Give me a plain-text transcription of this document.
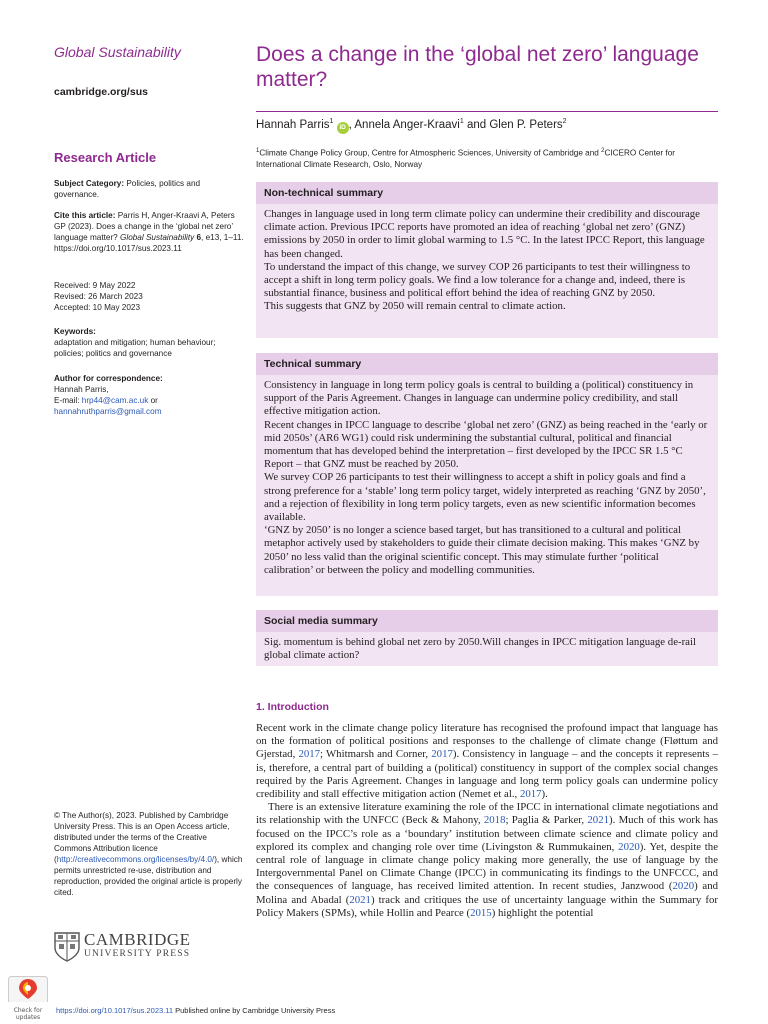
Global Sustainability
cambridge.org/sus
Research Article
Subject Category: Policies, politics and governance.
Cite this article: Parris H, Anger-Kraavi A, Peters GP (2023). Does a change in the ‘global net zero’ language matter? Global Sustainability 6, e13, 1–11. https://doi.org/10.1017/sus.2023.11
Received: 9 May 2022
Revised: 26 March 2023
Accepted: 10 May 2023
Keywords:
adaptation and mitigation; human behaviour; policies; politics and governance
Author for correspondence:
Hannah Parris,
E-mail: hrp44@cam.ac.uk or
hannahruthparris@gmail.com
© The Author(s), 2023. Published by Cambridge University Press. This is an Open Access article, distributed under the terms of the Creative Commons Attribution licence (http://creativecommons.org/licenses/by/4.0/), which permits unrestricted re-use, distribution and reproduction, provided the original article is properly cited.
CAMBRIDGE
UNIVERSITY PRESS
Check for updates
Does a change in the ‘global net zero’ language matter?
Hannah Parris$^1$ iD , Annela Anger-Kraavi$^1$ and Glen P. Peters$^2$
$^1$Climate Change Policy Group, Centre for Atmospheric Sciences, University of Cambridge and $^2$CICERO Center for International Climate Research, Oslo, Norway
Non-technical summary

Changes in language used in long term climate policy can undermine their credibility and discourage climate action. Previous IPCC reports have promoted an idea of reaching ‘global net zero’ (GNZ) emissions by 2050 in order to limit global warming to 1.5 °C. In the latest IPCC Report, this language has been changed.

To understand the impact of this change, we survey COP 26 participants to test their willingness to accept a shift in long term policy goals. We find a low tolerance for a change and, indeed, there is substantial finance, business and political effort behind the idea of reaching GNZ by 2050.

This suggests that GNZ by 2050 will remain central to climate action.

Technical summary

Consistency in language in long term policy goals is central to building a (political) constituency in support of the Paris Agreement. Changes in language can undermine policy credibility, and stall effective mitigation action.

Recent changes in IPCC language to describe ‘global net zero’ (GNZ) as being reached in the ‘early or mid 2050s’ (AR6 WG1) could risk undermining the substantial cultural, political and financial momentum that has developed behind the interpretation – first developed by the IPCC SR 1.5 °C Report – that GNZ must be reached by 2050.

We survey COP 26 participants to test their willingness to accept a shift in policy goals and find a strong preference for a ‘stable’ long term policy target, widely interpreted as reaching ‘GNZ by 2050’, and a rejection of flexibility in long term policy targets, even as new scientific information becomes available.

‘GNZ by 2050’ is no longer a science based target, but has transitioned to a cultural and political metaphor actively used by stakeholders to guide their climate decision making. This makes ‘GNZ by 2050’ no less valid than the original scientific concept. This may stimulate further ‘political calibration’ or between the policy and modelling communities.

Social media summary

Sig. momentum is behind global net zero by 2050.Will changes in IPCC mitigation language de-rail global climate action?

1. Introduction

Recent work in the climate change policy literature has recognised the profound impact that language has on the formation of political positions and responses to the challenge of climate change (Fløttum and Gjerstad, 2017; Whitmarsh and Corner, 2017). Consistency in language – and the concepts it represents – is, therefore, a central part of building a (political) constituency in support of the complex social changes required by the Paris Agreement. Changes in language and long term policy goals can undermine policy credibility and stall effective mitigation action (Nemet et al., 2017).

There is an extensive literature examining the role of the IPCC in international climate negotiations and its relationship with the UNFCC (Beck & Mahony, 2018; Paglia & Parker, 2021). Much of this work has focused on the IPCC’s role as a ‘boundary’ institution between climate science and climate policy and explored its complex and changing role over time (Livingston & Rummukainen, 2020). Yet, despite the central role of language in climate change policy making more generally, the use of language by the Intergovernmental Panel on Climate Change (IPCC) in communicating its findings to the UNFCCC, and the consequences of language, has received limited attention. In recent studies, Janzwood (2020) and Molina and Abadal (2021) track and critiques the use of uncertainty language within the Summary for Policy Makers (SPMs), while Hollin and Pearce (2015) highlight the potential

https://doi.org/10.1017/sus.2023.11 Published online by Cambridge University Press
